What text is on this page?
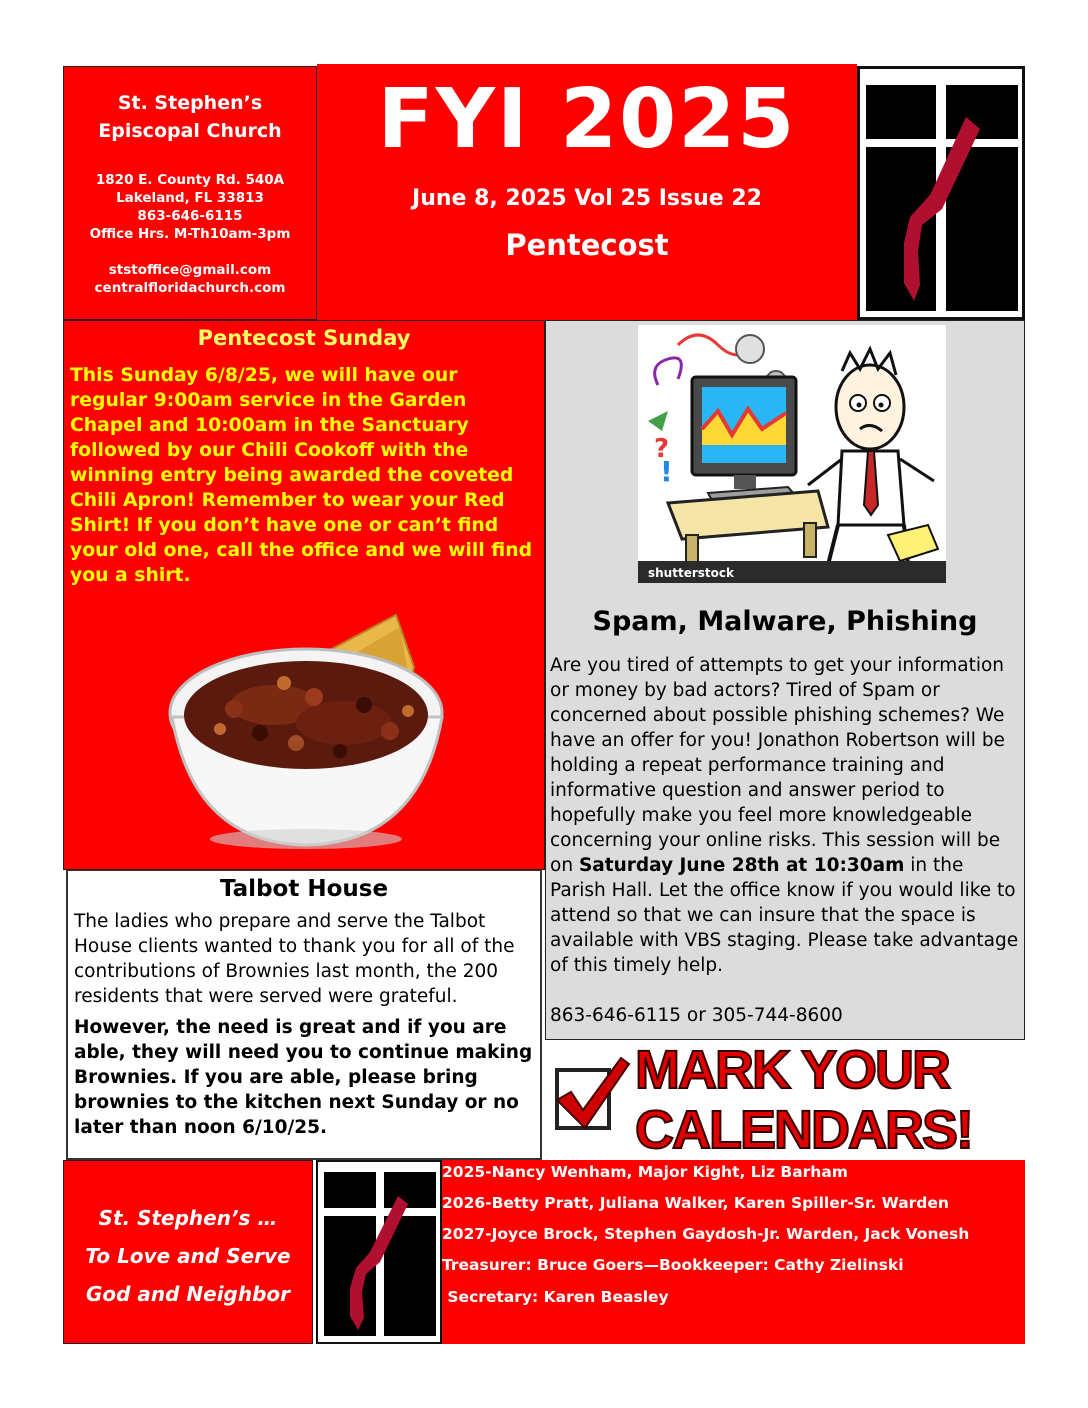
St. Stephen’s
Episcopal Church
1820 E. County Rd. 540A
Lakeland, FL 33813
863-646-6115
Office Hrs. M-Th10am-3pm
ststoffice@gmail.com
centralfloridachurch.com
FYI 2025
June 8, 2025 Vol 25 Issue 22
Pentecost
Pentecost Sunday
This Sunday 6/8/25, we will have our regular 9:00am service in the Garden Chapel and 10:00am in the Sanctuary followed by our Chili Cookoff with the winning entry being awarded the coveted Chili Apron! Remember to wear your Red Shirt! If you don’t have one or can’t find your old one, call the office and we will find you a shirt.
Talbot House
The ladies who prepare and serve the Talbot House clients wanted to thank you for all of the contributions of Brownies last month, the 200 residents that were served were grateful.
However, the need is great and if you are able, they will need you to continue making Brownies. If you are able, please bring brownies to the kitchen next Sunday or no later than noon 6/10/25.
?
!
shutterstock
Spam, Malware, Phishing
Are you tired of attempts to get your information or money by bad actors? Tired of Spam or concerned about possible phishing schemes? We have an offer for you! Jonathon Robertson will be holding a repeat performance training and informative question and answer period to hopefully make you feel more knowledgeable concerning your online risks. This session will be on Saturday June 28th at 10:30am in the Parish Hall. Let the office know if you would like to attend so that we can insure that the space is available with VBS staging. Please take advantage of this timely help.
863-646-6115 or 305-744-8600
MARK YOUR
CALENDARS!
St. Stephen’s …
To Love and Serve
God and Neighbor
2025-Nancy Wenham, Major Kight, Liz Barham
2026-Betty Pratt, Juliana Walker, Karen Spiller-Sr. Warden
2027-Joyce Brock, Stephen Gaydosh-Jr. Warden, Jack Vonesh
Treasurer: Bruce Goers—Bookkeeper: Cathy Zielinski
Secretary: Karen Beasley
